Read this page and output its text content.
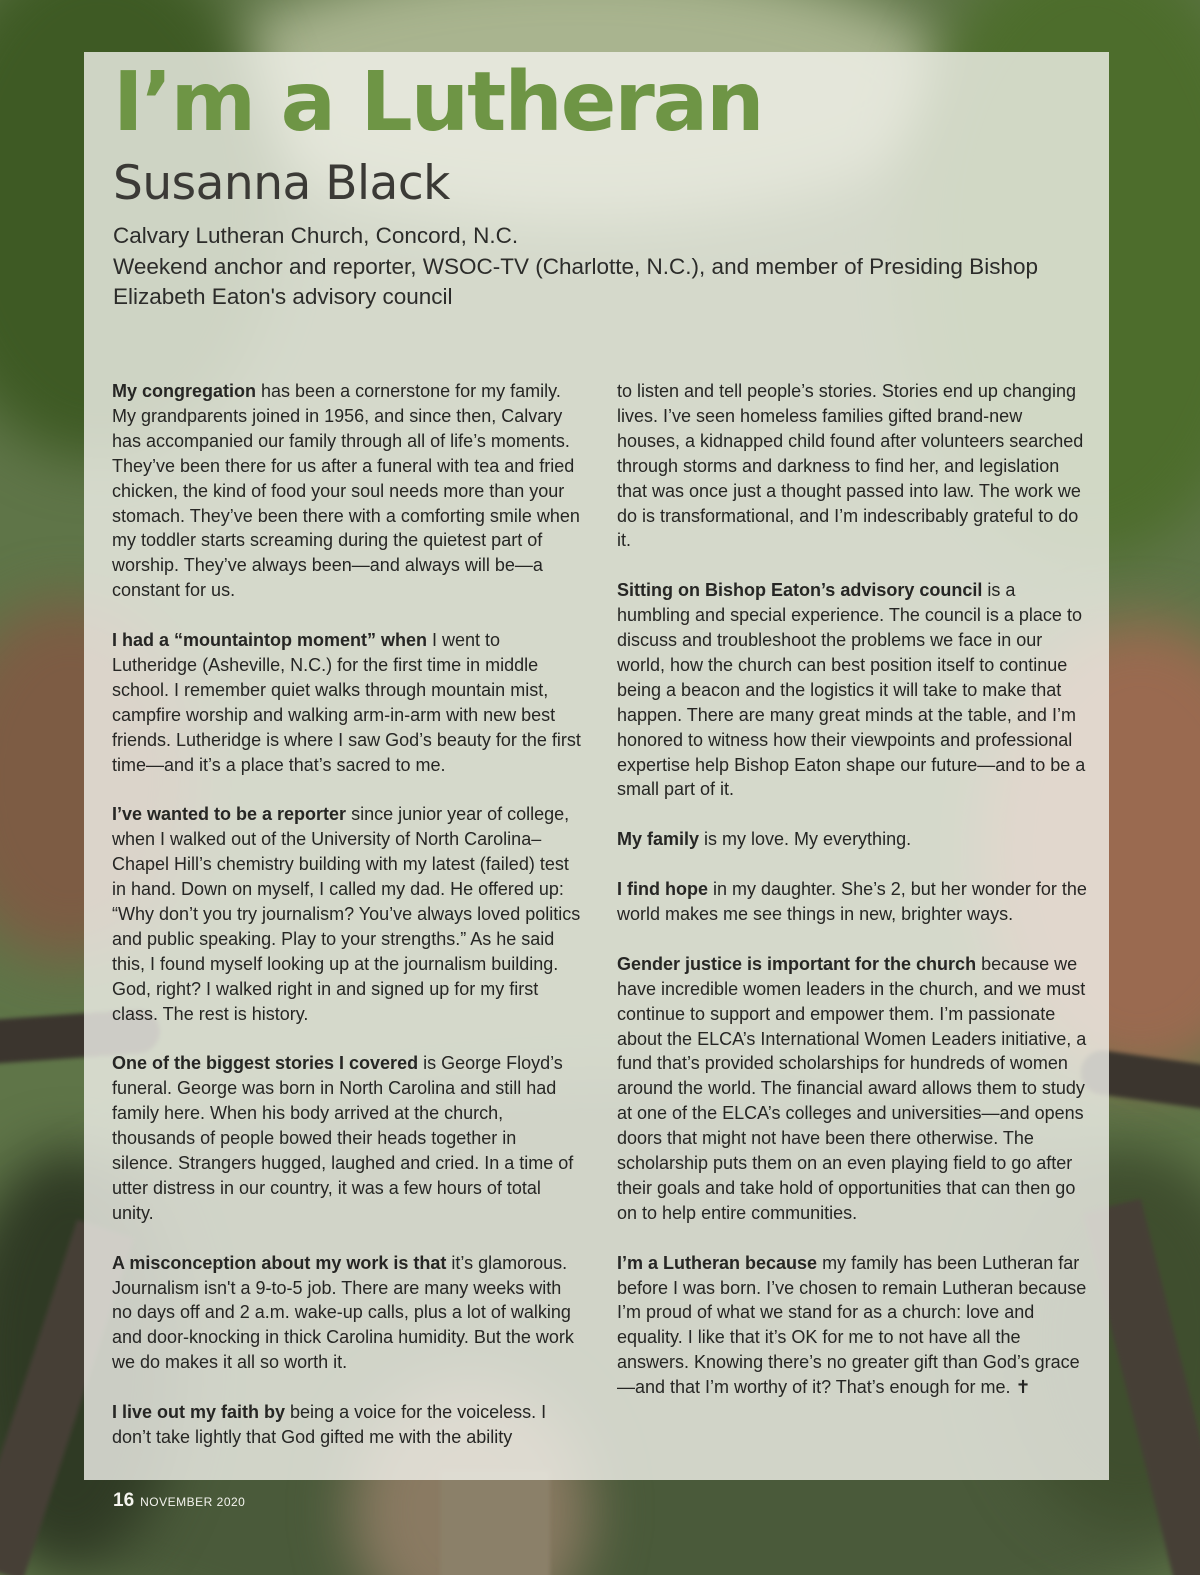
I’m a Lutheran
Susanna Black
Calvary Lutheran Church, Concord, N.C.
Weekend anchor and reporter, WSOC-TV (Charlotte, N.C.), and member of Presiding Bishop
Elizabeth Eaton's advisory council

My congregation has been a cornerstone for my family. My grandparents joined in 1956, and since then, Calvary has accompanied our family through all of life’s moments. They’ve been there for us after a funeral with tea and fried chicken, the kind of food your soul needs more than your stomach. They’ve been there with a comforting smile when my toddler starts screaming during the quietest part of worship. They’ve always been—and always will be—a constant for us.

I had a “mountaintop moment” when I went to Lutheridge (Asheville, N.C.) for the first time in middle school. I remember quiet walks through mountain mist, campfire worship and walking arm-in-arm with new best friends. Lutheridge is where I saw God’s beauty for the first time—and it’s a place that’s sacred to me.

I’ve wanted to be a reporter since junior year of college, when I walked out of the University of North Carolina–Chapel Hill’s chemistry building with my latest (failed) test in hand. Down on myself, I called my dad. He offered up: “Why don’t you try journalism? You’ve always loved politics and public speaking. Play to your strengths.” As he said this, I found myself looking up at the journalism building. God, right? I walked right in and signed up for my first class. The rest is history.

One of the biggest stories I covered is George Floyd’s funeral. George was born in North Carolina and still had family here. When his body arrived at the church, thousands of people bowed their heads together in silence. Strangers hugged, laughed and cried. In a time of utter distress in our country, it was a few hours of total unity.

A misconception about my work is that it’s glamorous. Journalism isn't a 9-to-5 job. There are many weeks with no days off and 2 a.m. wake-up calls, plus a lot of walking and door-knocking in thick Carolina humidity. But the work we do makes it all so worth it.

I live out my faith by being a voice for the voiceless. I don’t take lightly that God gifted me with the ability

to listen and tell people’s stories. Stories end up changing lives. I’ve seen homeless families gifted brand-new houses, a kidnapped child found after volunteers searched through storms and darkness to find her, and legislation that was once just a thought passed into law. The work we do is transformational, and I’m indescribably grateful to do it.

Sitting on Bishop Eaton’s advisory council is a humbling and special experience. The council is a place to discuss and troubleshoot the problems we face in our world, how the church can best position itself to continue being a beacon and the logistics it will take to make that happen. There are many great minds at the table, and I’m honored to witness how their viewpoints and professional expertise help Bishop Eaton shape our future—and to be a small part of it.

My family is my love. My everything.

I find hope in my daughter. She’s 2, but her wonder for the world makes me see things in new, brighter ways.

Gender justice is important for the church because we have incredible women leaders in the church, and we must continue to support and empower them. I’m passionate about the ELCA’s International Women Leaders initiative, a fund that’s provided scholarships for hundreds of women around the world. The financial award allows them to study at one of the ELCA’s colleges and universities—and opens doors that might not have been there otherwise. The scholarship puts them on an even playing field to go after their goals and take hold of opportunities that can then go on to help entire communities.

I’m a Lutheran because my family has been Lutheran far before I was born. I’ve chosen to remain Lutheran because I’m proud of what we stand for as a church: love and equality. I like that it’s OK for me to not have all the answers. Knowing there’s no greater gift than God’s grace—and that I’m worthy of it? That’s enough for me. ✝

16 NOVEMBER 2020
